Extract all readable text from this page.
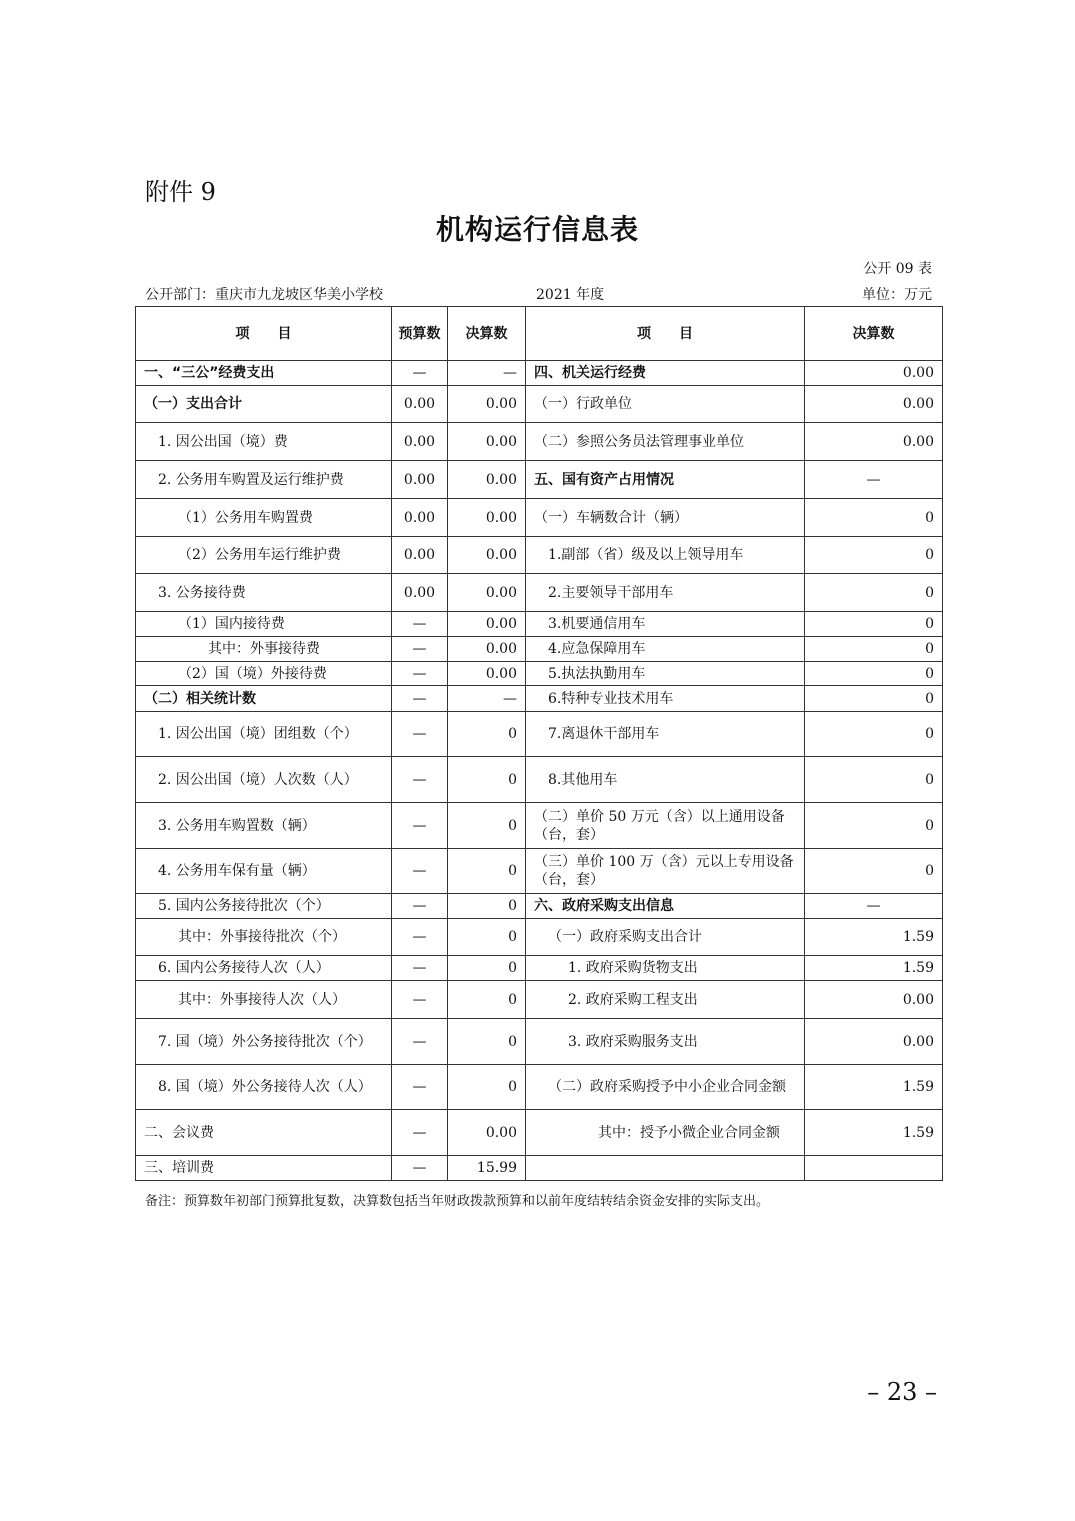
附件 9
机构运行信息表
公开 09 表
公开部门：重庆市九龙坡区华美小学校	2021 年度	单位：万元
项　　目	预算数	决算数	项　　目	决算数
一、“三公”经费支出	—	—	四、机关运行经费	0.00
（一）支出合计	0.00	0.00	（一）行政单位	0.00
1. 因公出国（境）费	0.00	0.00	（二）参照公务员法管理事业单位	0.00
2. 公务用车购置及运行维护费	0.00	0.00	五、国有资产占用情况	—
（1）公务用车购置费	0.00	0.00	（一）车辆数合计（辆）	0
（2）公务用车运行维护费	0.00	0.00	1.副部（省）级及以上领导用车	0
3. 公务接待费	0.00	0.00	2.主要领导干部用车	0
（1）国内接待费	—	0.00	3.机要通信用车	0
其中：外事接待费	—	0.00	4.应急保障用车	0
（2）国（境）外接待费	—	0.00	5.执法执勤用车	0
（二）相关统计数	—	—	6.特种专业技术用车	0
1. 因公出国（境）团组数（个）	—	0	7.离退休干部用车	0
2. 因公出国（境）人次数（人）	—	0	8.其他用车	0
3. 公务用车购置数（辆）	—	0	（二）单价 50 万元（含）以上通用设备（台，套）	0
4. 公务用车保有量（辆）	—	0	（三）单价 100 万（含）元以上专用设备（台，套）	0
5. 国内公务接待批次（个）	—	0	六、政府采购支出信息	—
其中：外事接待批次（个）	—	0	（一）政府采购支出合计	1.59
6. 国内公务接待人次（人）	—	0	1. 政府采购货物支出	1.59
其中：外事接待人次（人）	—	0	2. 政府采购工程支出	0.00
7. 国（境）外公务接待批次（个）	—	0	3. 政府采购服务支出	0.00
8. 国（境）外公务接待人次（人）	—	0	（二）政府采购授予中小企业合同金额	1.59
二、会议费	—	0.00	其中：授予小微企业合同金额	1.59
三、培训费	—	15.99		
备注：预算数年初部门预算批复数，决算数包括当年财政拨款预算和以前年度结转结余资金安排的实际支出。
– 23 –
